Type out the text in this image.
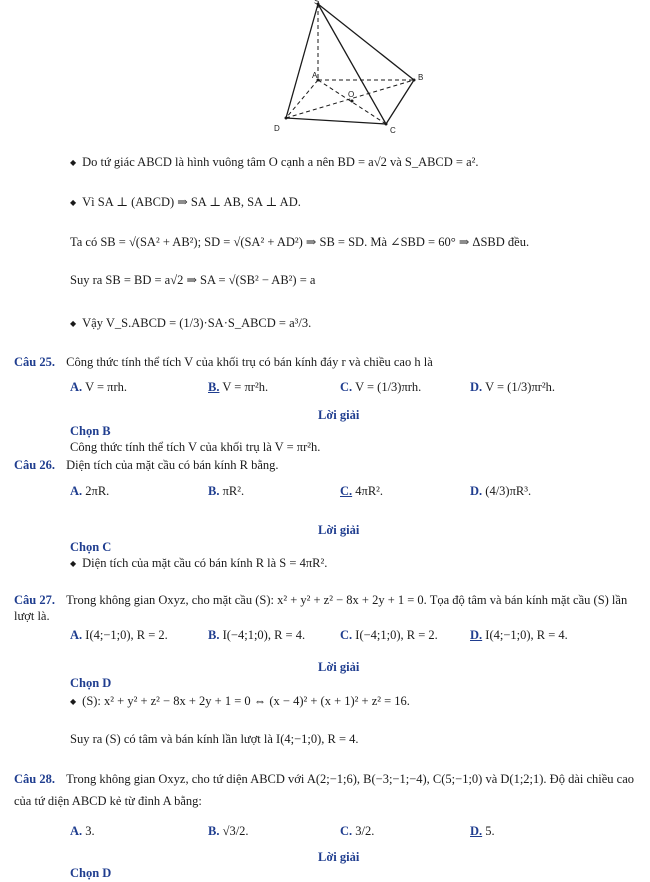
S
A	B
D	C
O
◆ Do tứ giác ABCD là hình vuông tâm O cạnh a nên BD = a√2 và S_ABCD = a².
◆ Vì SA ⊥ (ABCD) ⇒ SA ⊥ AB, SA ⊥ AD.
Ta có SB = √(SA² + AB²); SD = √(SA² + AD²) ⇒ SB = SD. Mà ∠SBD = 60° ⇒ ΔSBD đều.
Suy ra SB = BD = a√2 ⇒ SA = √(SB² − AB²) = a
◆ Vậy V_S.ABCD = (1/3)·SA·S_ABCD = a³/3.
Câu 25. Công thức tính thể tích V của khối trụ có bán kính đáy r và chiều cao h là
A. V = πrh.	B. V = πr²h.	C. V = (1/3)πrh.	D. V = (1/3)πr²h.
Lời giải
Chọn B
Công thức tính thể tích V của khối trụ là V = πr²h.
Câu 26. Diện tích của mặt cầu có bán kính R bằng.
A. 2πR.	B. πR².	C. 4πR².	D. (4/3)πR³.
Lời giải
Chọn C
◆ Diện tích của mặt cầu có bán kính R là S = 4πR².
Câu 27. Trong không gian Oxyz, cho mặt cầu (S): x² + y² + z² − 8x + 2y + 1 = 0. Tọa độ tâm và bán kính mặt cầu (S) lần lượt là.
A. I(4;−1;0), R = 2.	B. I(−4;1;0), R = 4.	C. I(−4;1;0), R = 2.	D. I(4;−1;0), R = 4.
Lời giải
Chọn D
◆ (S): x² + y² + z² − 8x + 2y + 1 = 0 ⇔ (x − 4)² + (x + 1)² + z² = 16.
Suy ra (S) có tâm và bán kính lần lượt là I(4;−1;0), R = 4.
Câu 28. Trong không gian Oxyz, cho tứ diện ABCD với A(2;−1;6), B(−3;−1;−4), C(5;−1;0) và D(1;2;1). Độ dài chiều cao của tứ diện ABCD kẻ từ đỉnh A bằng:
A. 3.	B. √3/2.	C. 3/2.	D. 5.
Lời giải
Chọn D
